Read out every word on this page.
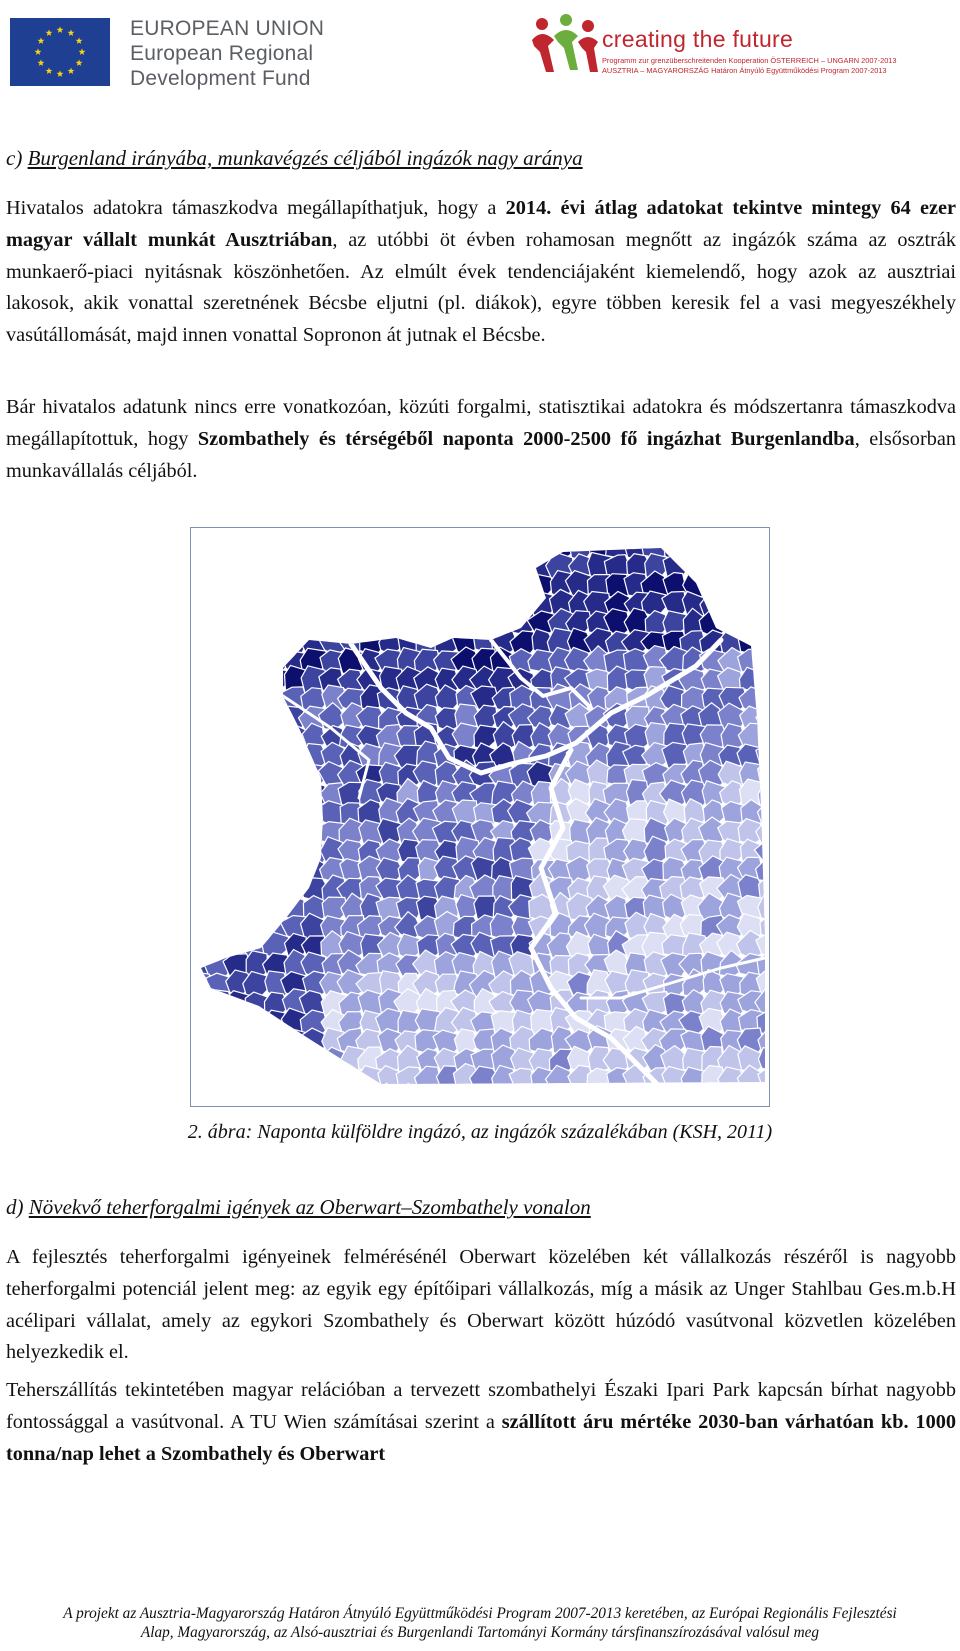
EUROPEAN UNION
European Regional
Development Fund
creating the future
Programm zur grenzüberschreitenden Kooperation ÖSTERREICH – UNGARN 2007-2013
AUSZTRIA – MAGYARORSZÁG Határon Átnyúló Együttműködési Program 2007-2013
c) Burgenland irányába, munkavégzés céljából ingázók nagy aránya
Hivatalos adatokra támaszkodva megállapíthatjuk, hogy a 2014. évi átlag adatokat tekintve mintegy 64 ezer magyar vállalt munkát Ausztriában, az utóbbi öt évben rohamosan megnőtt az ingázók száma az osztrák munkaerő-piaci nyitásnak köszönhetően. Az elmúlt évek tendenciájaként kiemelendő, hogy azok az ausztriai lakosok, akik vonattal szeretnének Bécsbe eljutni (pl. diákok), egyre többen keresik fel a vasi megyeszékhely vasútállomását, majd innen vonattal Sopronon át jutnak el Bécsbe.
Bár hivatalos adatunk nincs erre vonatkozóan, közúti forgalmi, statisztikai adatokra és módszertanra támaszkodva megállapítottuk, hogy Szombathely és térségéből naponta 2000-2500 fő ingázhat Burgenlandba, elsősorban munkavállalás céljából.
2. ábra: Naponta külföldre ingázó, az ingázók százalékában (KSH, 2011)
d) Növekvő teherforgalmi igények az Oberwart–Szombathely vonalon
A fejlesztés teherforgalmi igényeinek felmérésénél Oberwart közelében két vállalkozás részéről is nagyobb teherforgalmi potenciál jelent meg: az egyik egy építőipari vállalkozás, míg a másik az Unger Stahlbau Ges.m.b.H acélipari vállalat, amely az egykori Szombathely és Oberwart között húzódó vasútvonal közvetlen közelében helyezkedik el.
Teherszállítás tekintetében magyar relációban a tervezett szombathelyi Északi Ipari Park kapcsán bírhat nagyobb fontossággal a vasútvonal. A TU Wien számításai szerint a szállított áru mértéke 2030-ban várhatóan kb. 1000 tonna/nap lehet a Szombathely és Oberwart
A projekt az Ausztria-Magyarország Határon Átnyúló Együttműködési Program 2007-2013 keretében, az Európai Regionális Fejlesztési
Alap, Magyarország, az Alsó-ausztriai és Burgenlandi Tartományi Kormány társfinanszírozásával valósul meg
